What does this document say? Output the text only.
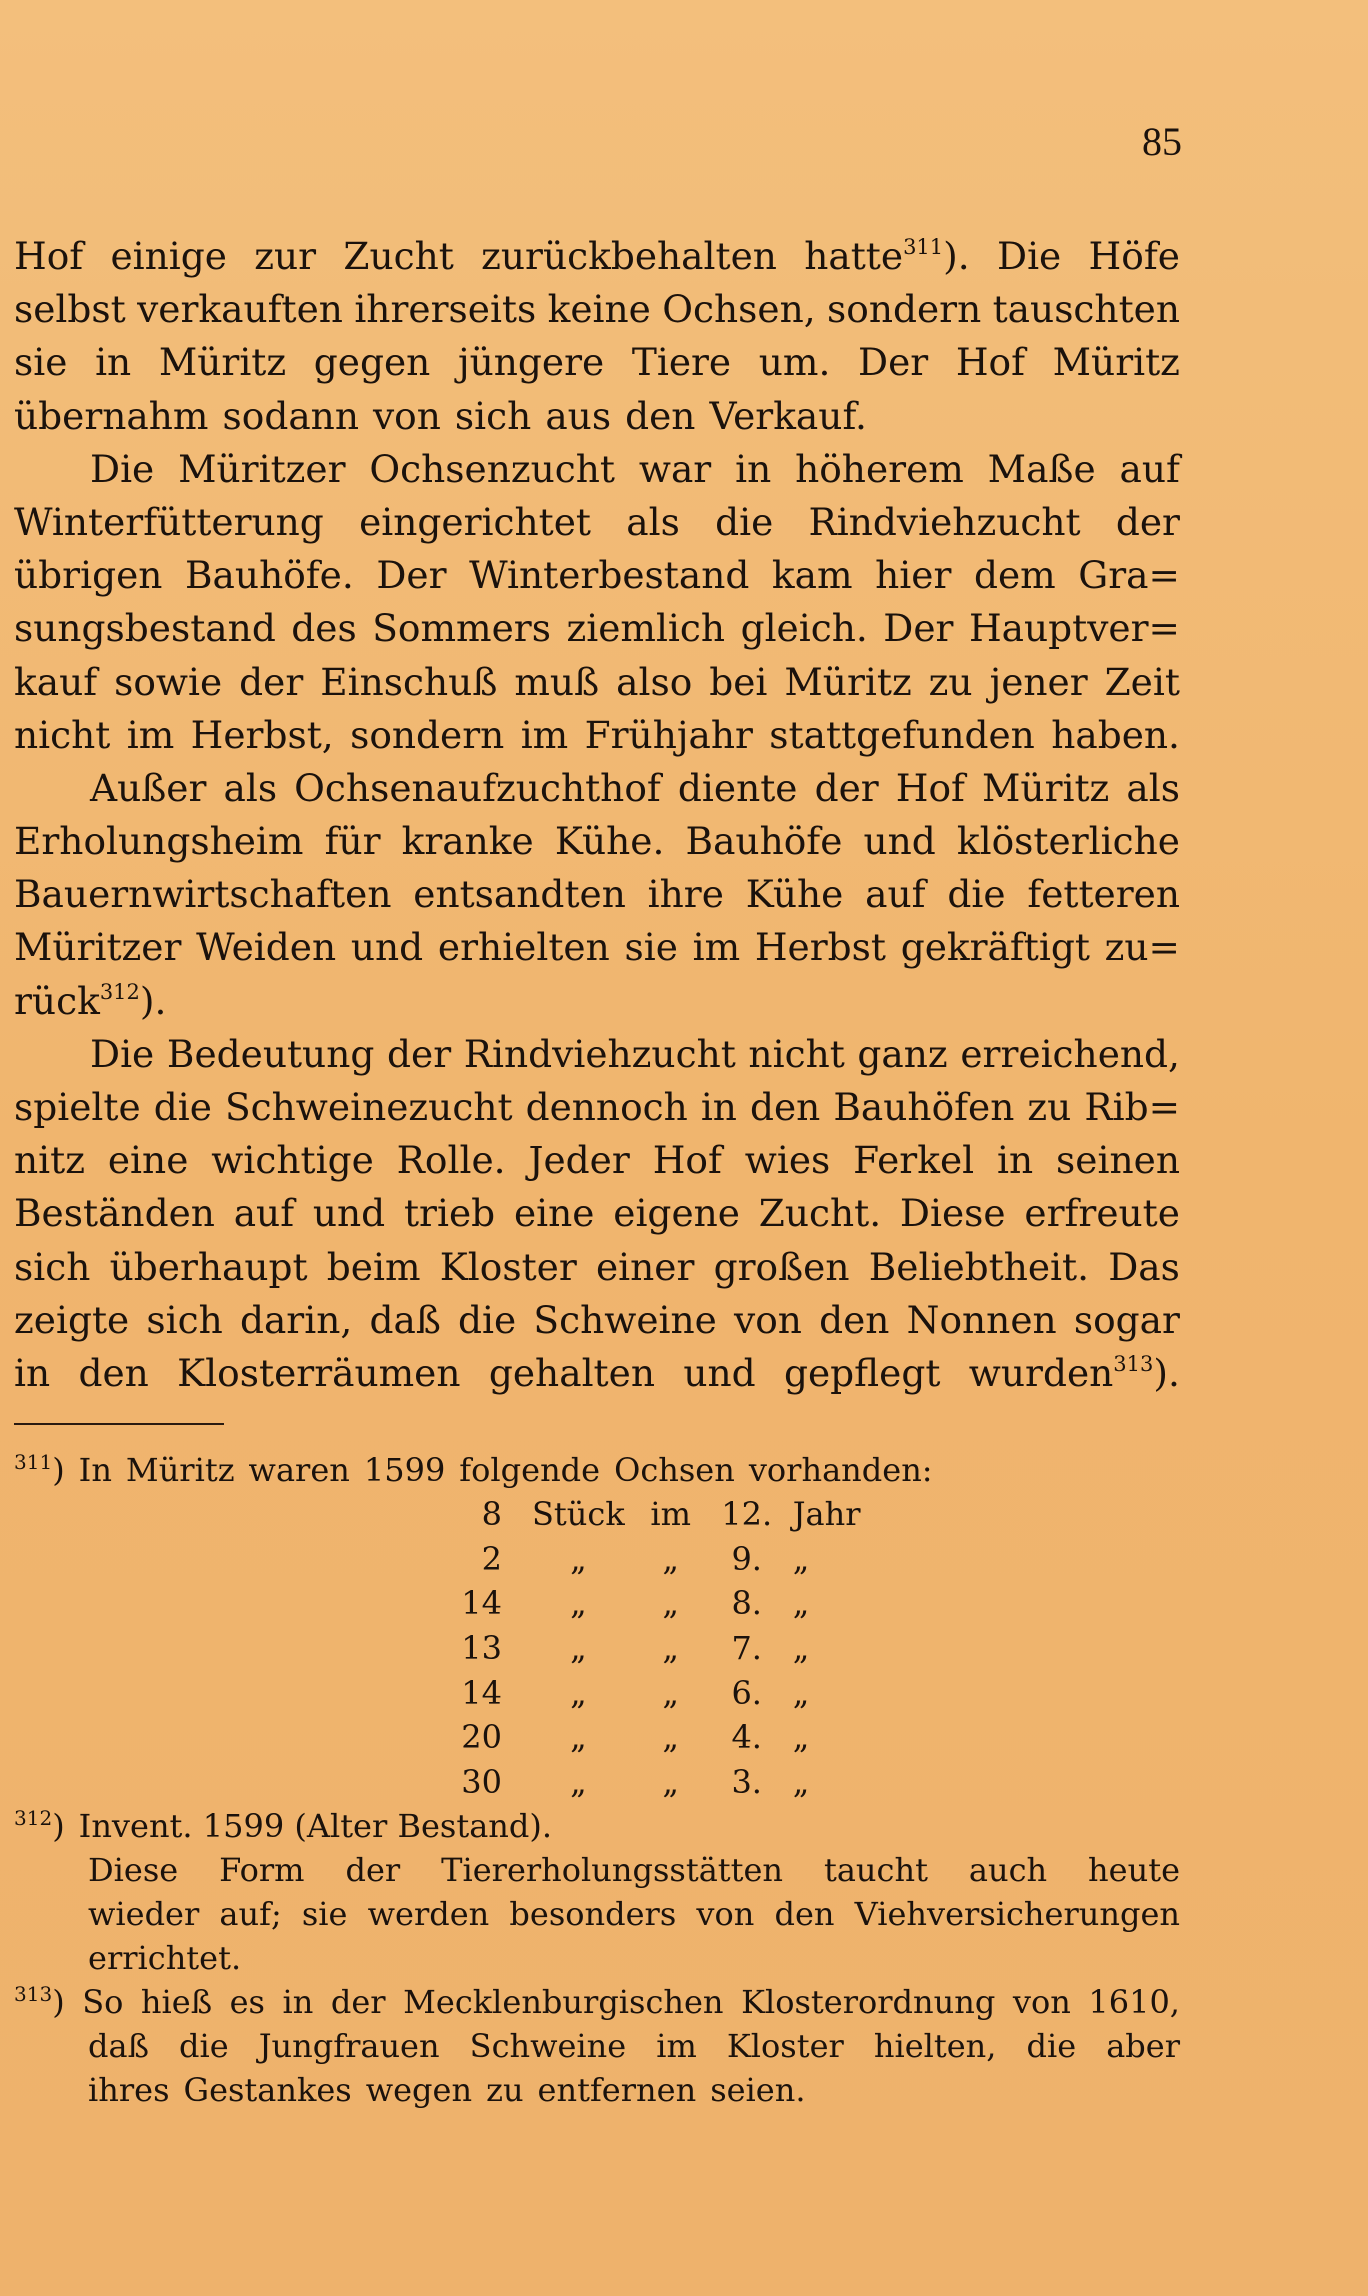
85
Hof einige zur Zucht zurückbehalten hatte$^{311}$). Die Höfe
selbst verkauften ihrerseits keine Ochsen, sondern tauschten
sie in Müritz gegen jüngere Tiere um. Der Hof Müritz
übernahm sodann von sich aus den Verkauf.
Die Müritzer Ochsenzucht war in höherem Maße auf
Winterfütterung eingerichtet als die Rindviehzucht der
übrigen Bauhöfe. Der Winterbestand kam hier dem Gra=
sungsbestand des Sommers ziemlich gleich. Der Hauptver=
kauf sowie der Einschuß muß also bei Müritz zu jener Zeit
nicht im Herbst, sondern im Frühjahr stattgefunden haben.
Außer als Ochsenaufzuchthof diente der Hof Müritz als
Erholungsheim für kranke Kühe. Bauhöfe und klösterliche
Bauernwirtschaften entsandten ihre Kühe auf die fetteren
Müritzer Weiden und erhielten sie im Herbst gekräftigt zu=
rück$^{312}$).
Die Bedeutung der Rindviehzucht nicht ganz erreichend,
spielte die Schweinezucht dennoch in den Bauhöfen zu Rib=
nitz eine wichtige Rolle. Jeder Hof wies Ferkel in seinen
Beständen auf und trieb eine eigene Zucht. Diese erfreute
sich überhaupt beim Kloster einer großen Beliebtheit. Das
zeigte sich darin, daß die Schweine von den Nonnen sogar
in den Klosterräumen gehalten und gepflegt wurden$^{313}$).
$^{311}$) In Müritz waren 1599 folgende Ochsen vorhanden:
8	Stück	im	12.	Jahr
2	„	„	9.	„
14	„	„	8.	„
13	„	„	7.	„
14	„	„	6.	„
20	„	„	4.	„
30	„	„	3.	„
$^{312}$) Invent. 1599 (Alter Bestand).
Diese Form der Tiererholungsstätten taucht auch heute
wieder auf; sie werden besonders von den Viehversicherungen
errichtet.
$^{313}$) So hieß es in der Mecklenburgischen Klosterordnung von 1610,
daß die Jungfrauen Schweine im Kloster hielten, die aber
ihres Gestankes wegen zu entfernen seien.
